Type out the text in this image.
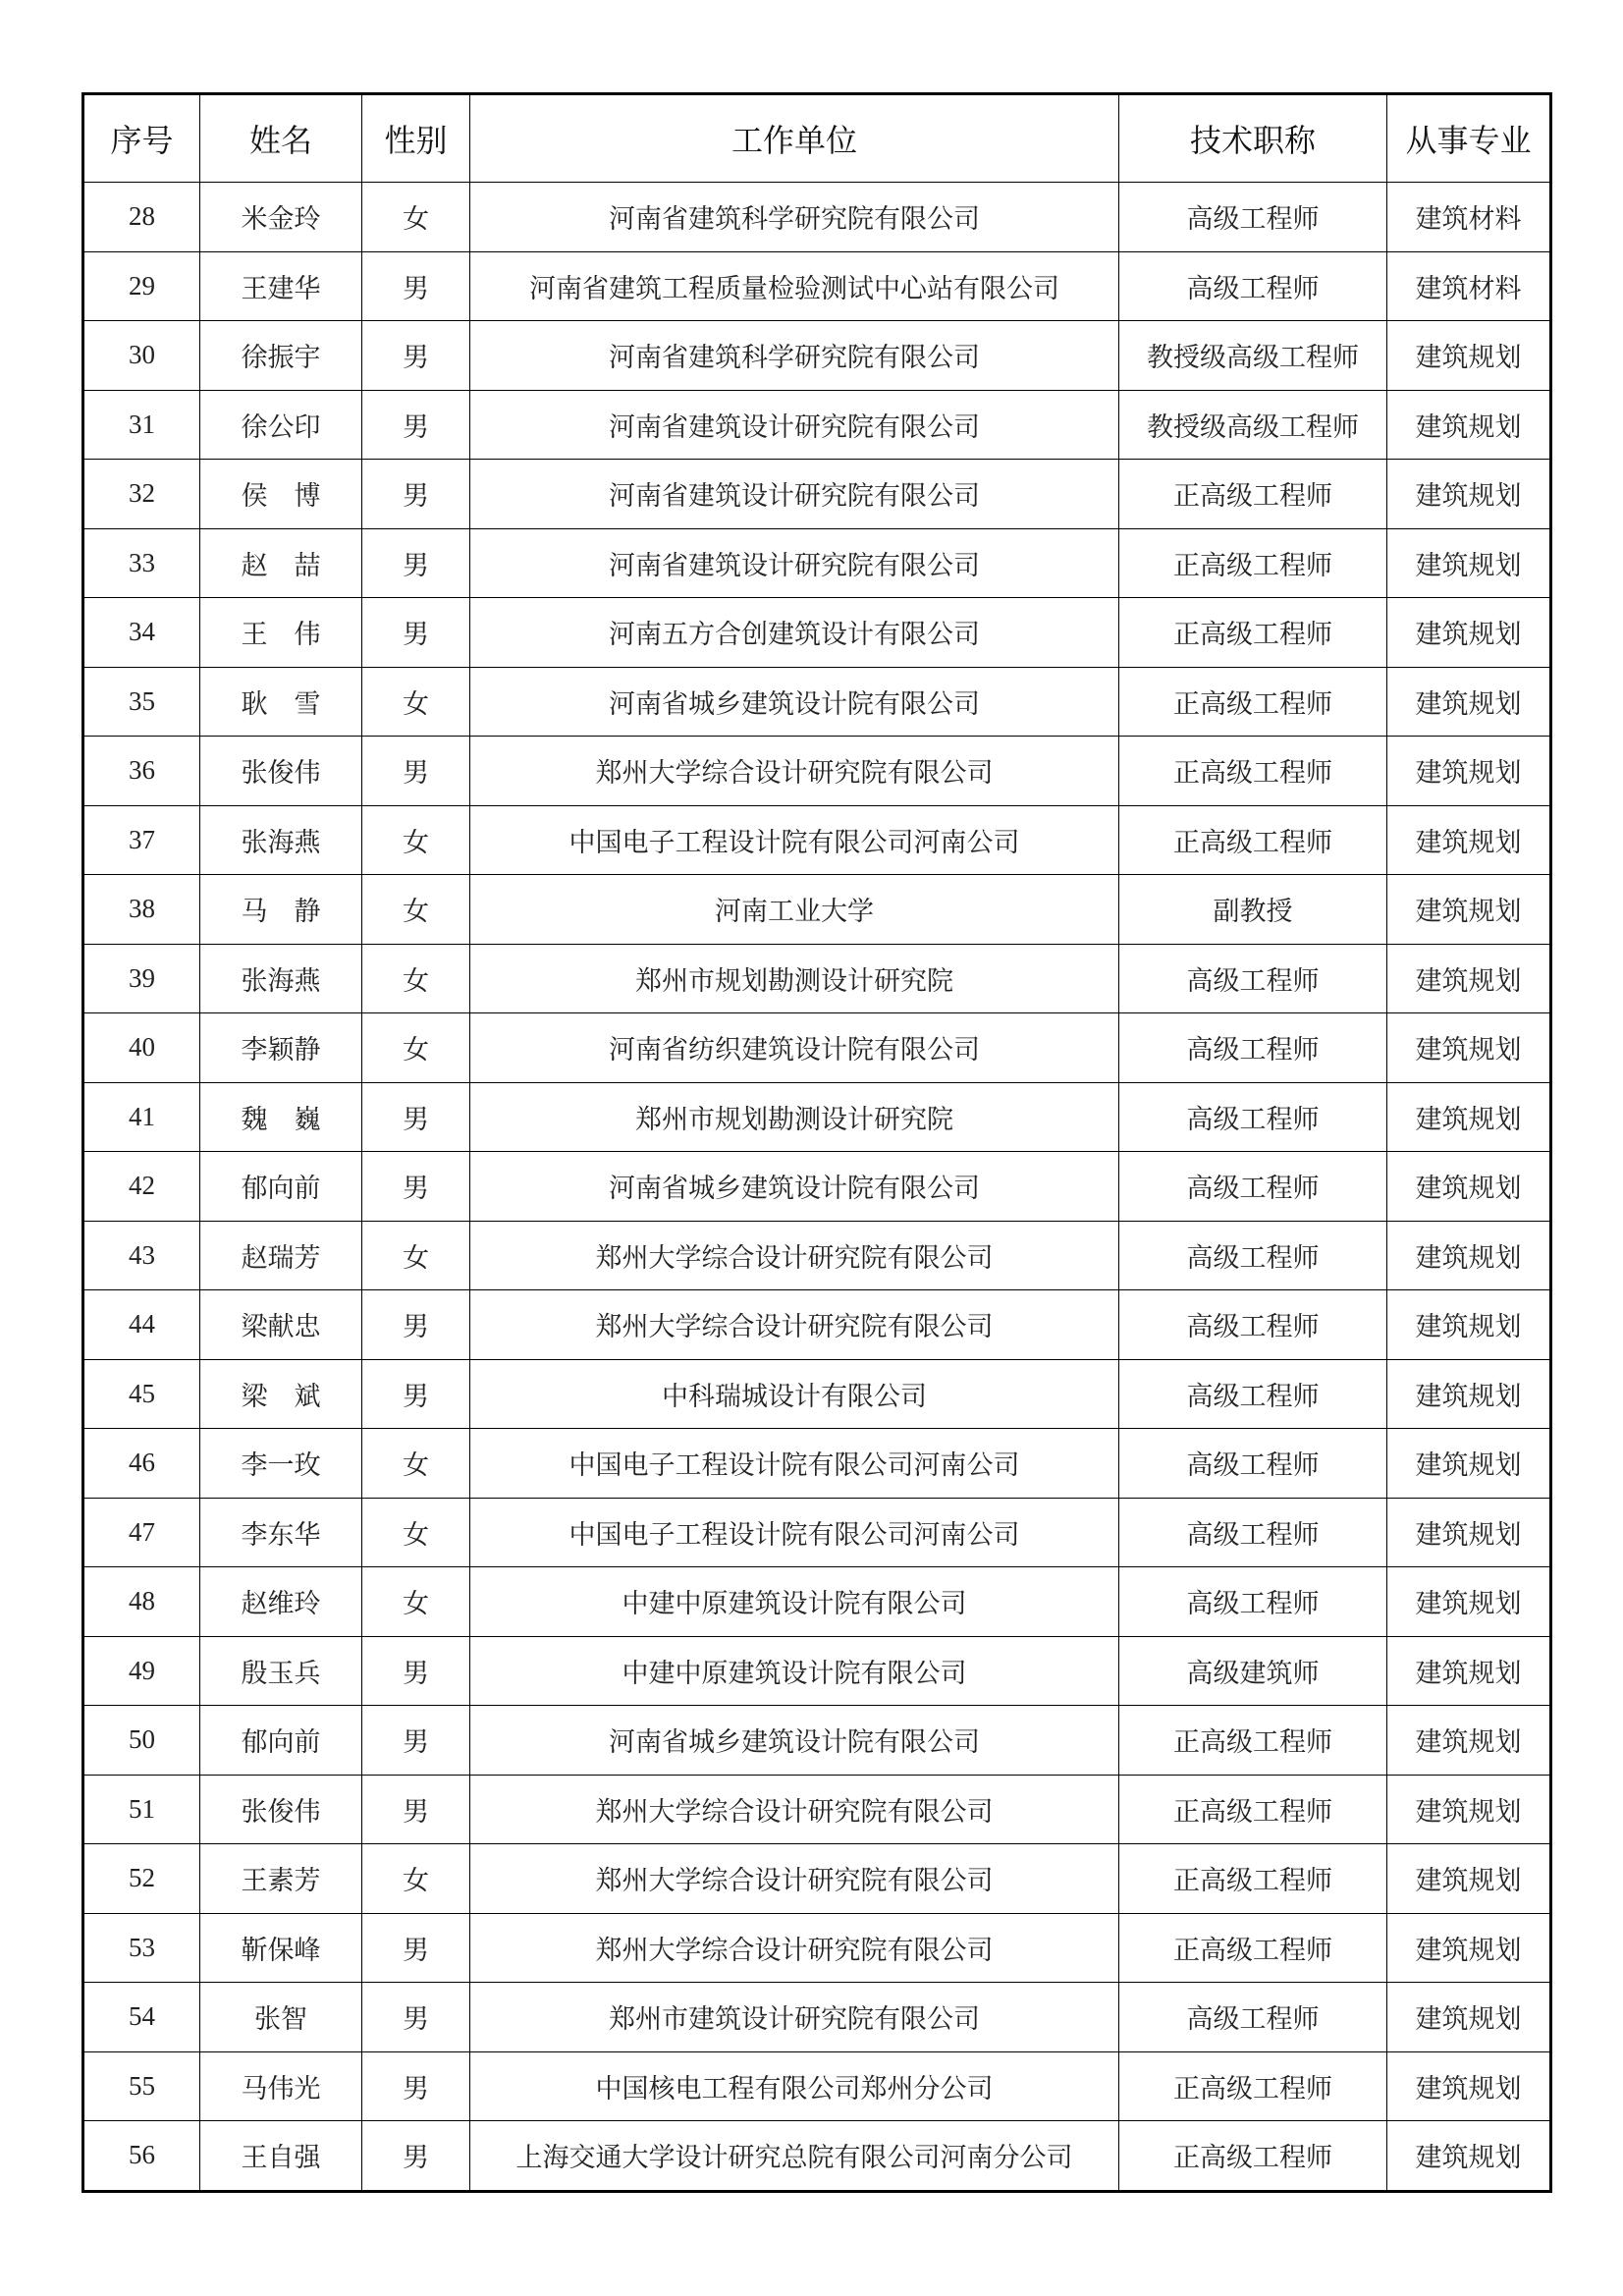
序号	姓名	性别	工作单位	技术职称	从事专业
28	米金玲	女	河南省建筑科学研究院有限公司	高级工程师	建筑材料
29	王建华	男	河南省建筑工程质量检验测试中心站有限公司	高级工程师	建筑材料
30	徐振宇	男	河南省建筑科学研究院有限公司	教授级高级工程师	建筑规划
31	徐公印	男	河南省建筑设计研究院有限公司	教授级高级工程师	建筑规划
32	侯　博	男	河南省建筑设计研究院有限公司	正高级工程师	建筑规划
33	赵　喆	男	河南省建筑设计研究院有限公司	正高级工程师	建筑规划
34	王　伟	男	河南五方合创建筑设计有限公司	正高级工程师	建筑规划
35	耿　雪	女	河南省城乡建筑设计院有限公司	正高级工程师	建筑规划
36	张俊伟	男	郑州大学综合设计研究院有限公司	正高级工程师	建筑规划
37	张海燕	女	中国电子工程设计院有限公司河南公司	正高级工程师	建筑规划
38	马　静	女	河南工业大学	副教授	建筑规划
39	张海燕	女	郑州市规划勘测设计研究院	高级工程师	建筑规划
40	李颖静	女	河南省纺织建筑设计院有限公司	高级工程师	建筑规划
41	魏　巍	男	郑州市规划勘测设计研究院	高级工程师	建筑规划
42	郁向前	男	河南省城乡建筑设计院有限公司	高级工程师	建筑规划
43	赵瑞芳	女	郑州大学综合设计研究院有限公司	高级工程师	建筑规划
44	梁献忠	男	郑州大学综合设计研究院有限公司	高级工程师	建筑规划
45	梁　斌	男	中科瑞城设计有限公司	高级工程师	建筑规划
46	李一玫	女	中国电子工程设计院有限公司河南公司	高级工程师	建筑规划
47	李东华	女	中国电子工程设计院有限公司河南公司	高级工程师	建筑规划
48	赵维玲	女	中建中原建筑设计院有限公司	高级工程师	建筑规划
49	殷玉兵	男	中建中原建筑设计院有限公司	高级建筑师	建筑规划
50	郁向前	男	河南省城乡建筑设计院有限公司	正高级工程师	建筑规划
51	张俊伟	男	郑州大学综合设计研究院有限公司	正高级工程师	建筑规划
52	王素芳	女	郑州大学综合设计研究院有限公司	正高级工程师	建筑规划
53	靳保峰	男	郑州大学综合设计研究院有限公司	正高级工程师	建筑规划
54	张智	男	郑州市建筑设计研究院有限公司	高级工程师	建筑规划
55	马伟光	男	中国核电工程有限公司郑州分公司	正高级工程师	建筑规划
56	王自强	男	上海交通大学设计研究总院有限公司河南分公司	正高级工程师	建筑规划
